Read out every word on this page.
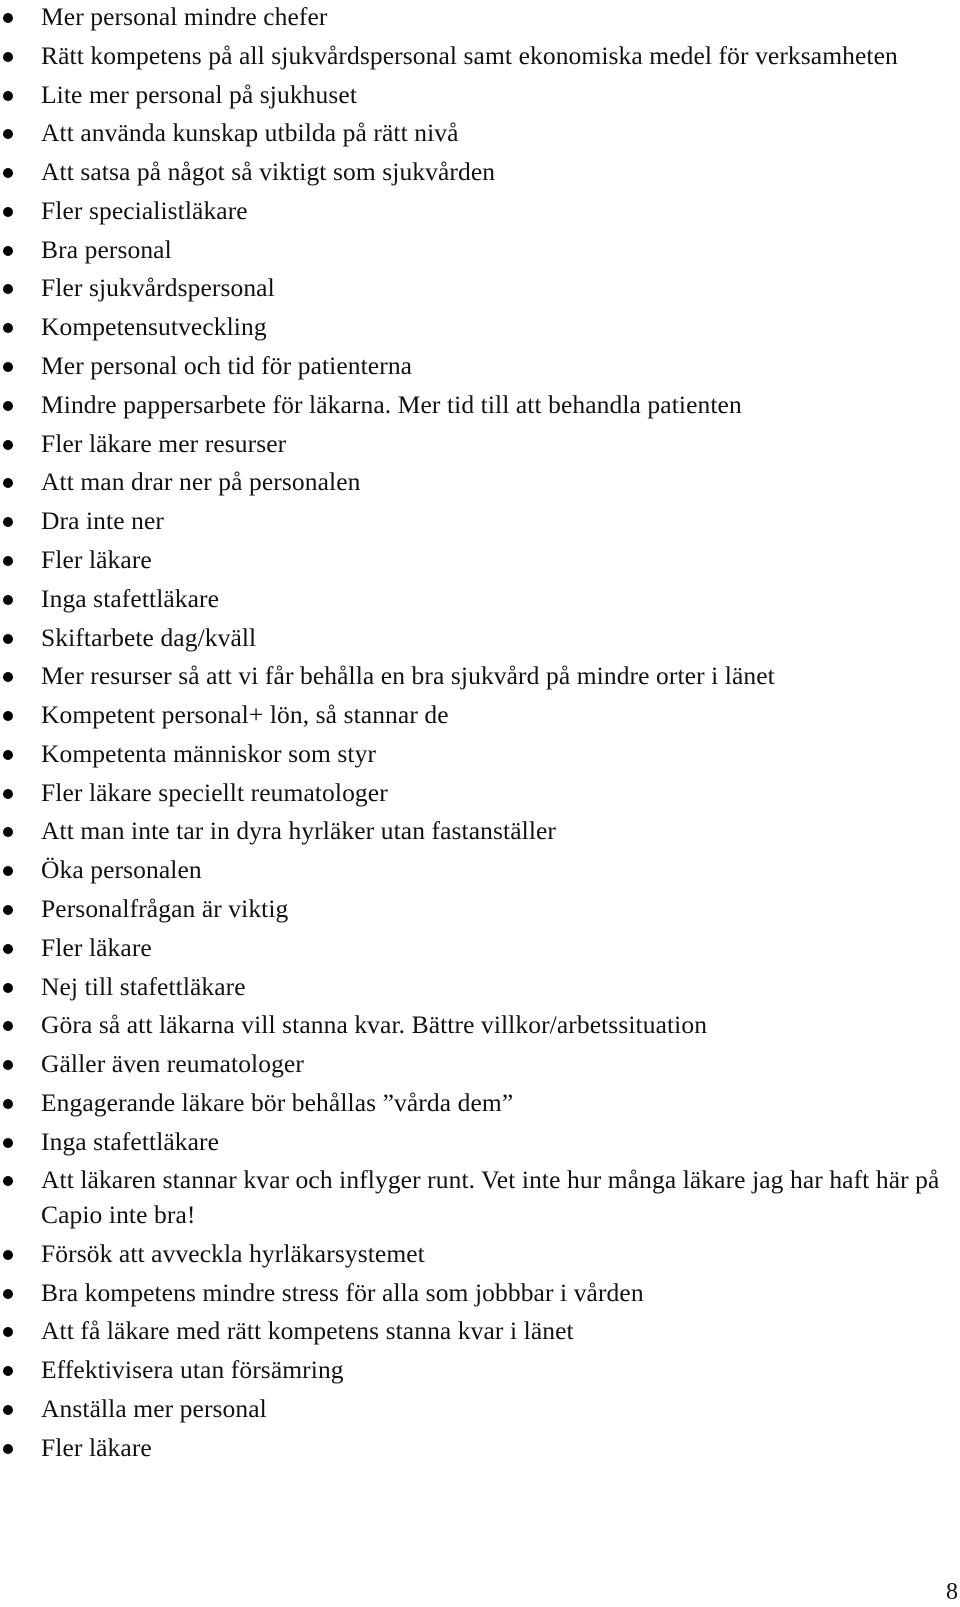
Mer personal mindre chefer
Rätt kompetens på all sjukvårdspersonal samt ekonomiska medel för verksamheten
Lite mer personal på sjukhuset
Att använda kunskap utbilda på rätt nivå
Att satsa på något så viktigt som sjukvården
Fler specialistläkare
Bra personal
Fler sjukvårdspersonal
Kompetensutveckling
Mer personal och tid för patienterna
Mindre pappersarbete för läkarna. Mer tid till att behandla patienten
Fler läkare mer resurser
Att man drar ner på personalen
Dra inte ner
Fler läkare
Inga stafettläkare
Skiftarbete dag/kväll
Mer resurser så att vi får behålla en bra sjukvård på mindre orter i länet
Kompetent personal+ lön, så stannar de
Kompetenta människor som styr
Fler läkare speciellt reumatologer
Att man inte tar in dyra hyrläker utan fastanställer
Öka personalen
Personalfrågan är viktig
Fler läkare
Nej till stafettläkare
Göra så att läkarna vill stanna kvar. Bättre villkor/arbetssituation
Gäller även reumatologer
Engagerande läkare bör behållas ”vårda dem”
Inga stafettläkare
Att läkaren stannar kvar och inflyger runt. Vet inte hur många läkare jag har haft här på Capio inte bra!
Försök att avveckla hyrläkarsystemet
Bra kompetens mindre stress för alla som jobbbar i vården
Att få läkare med rätt kompetens stanna kvar i länet
Effektivisera utan försämring
Anställa mer personal
Fler läkare
8
